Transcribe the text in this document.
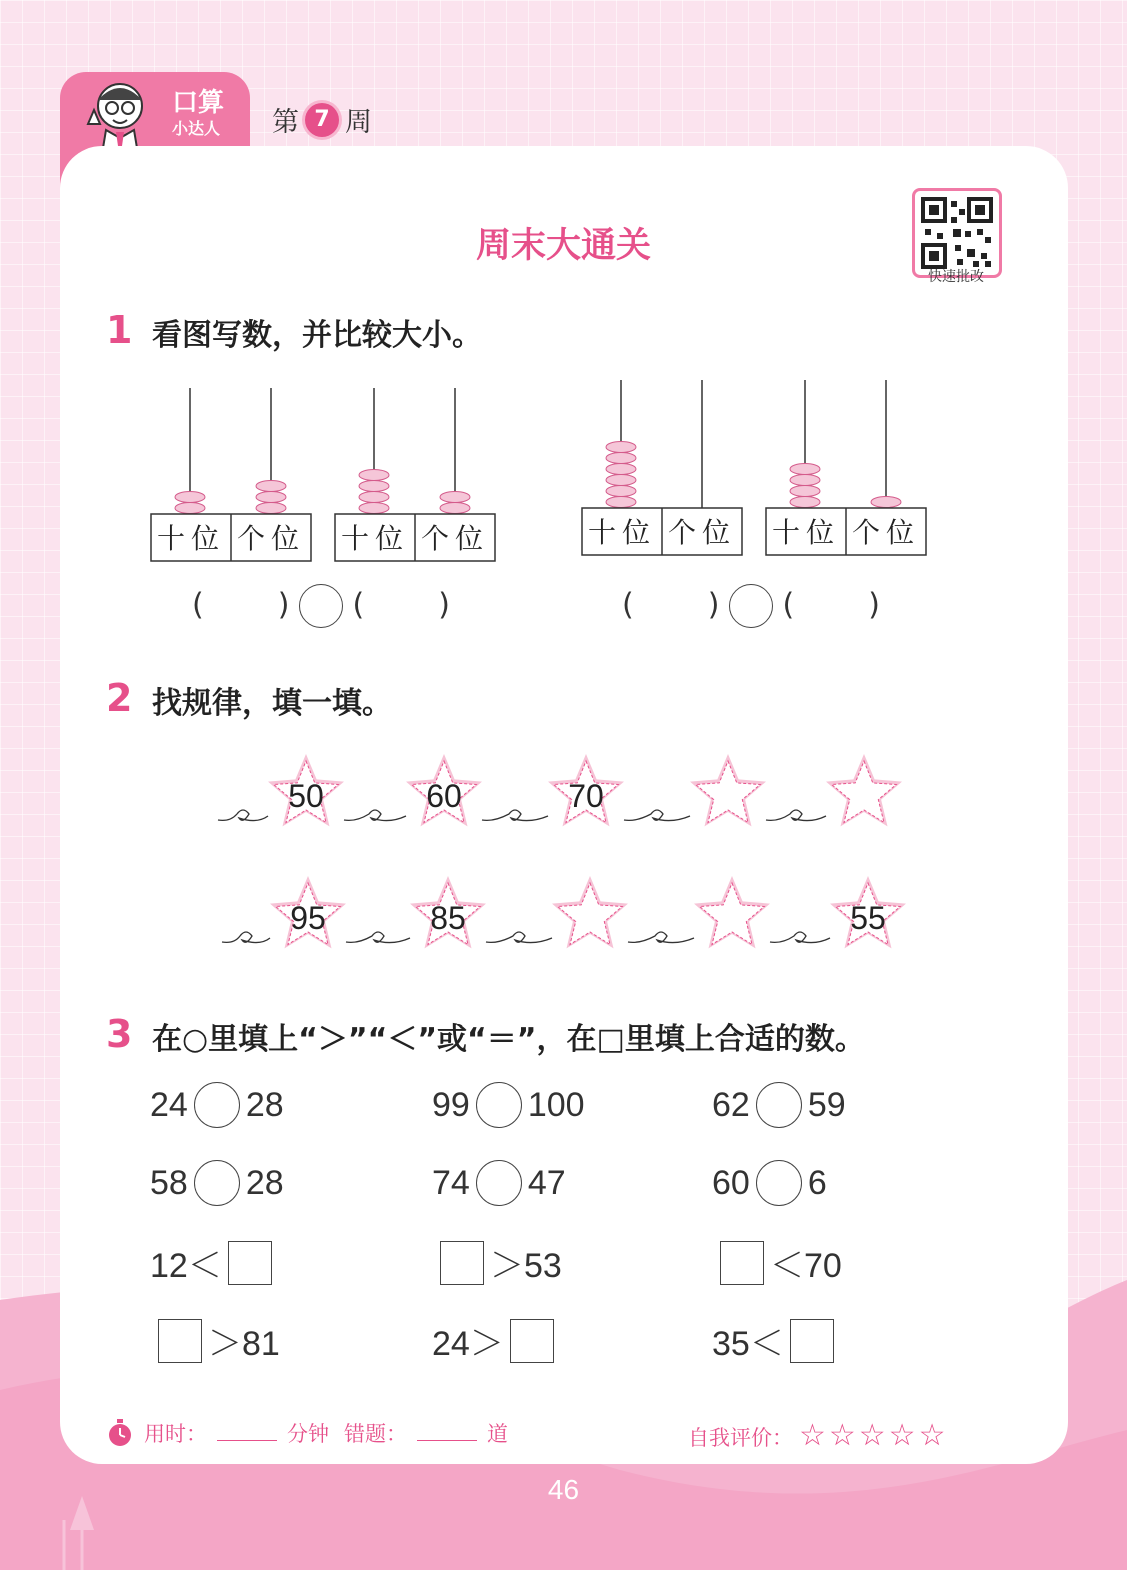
口算
小达人 第 7 周
周末大通关
快速批改
1 看图写数，并比较大小。
十位 个位 十位 个位	十位 个位 十位 个位
( ) ( )	( ) ( )
2 找规律，填一填。
50	60	70
95	85	55
3 在○里填上“＞”“＜”或“＝”，在□里填上合适的数。
24 28	99 100	62 59
58 28	74 47	60 6
12＜	＞53	＜70
＞81	24＞	35＜
用时：	分钟 错题：	道	自我评价： ☆☆☆☆☆
46
